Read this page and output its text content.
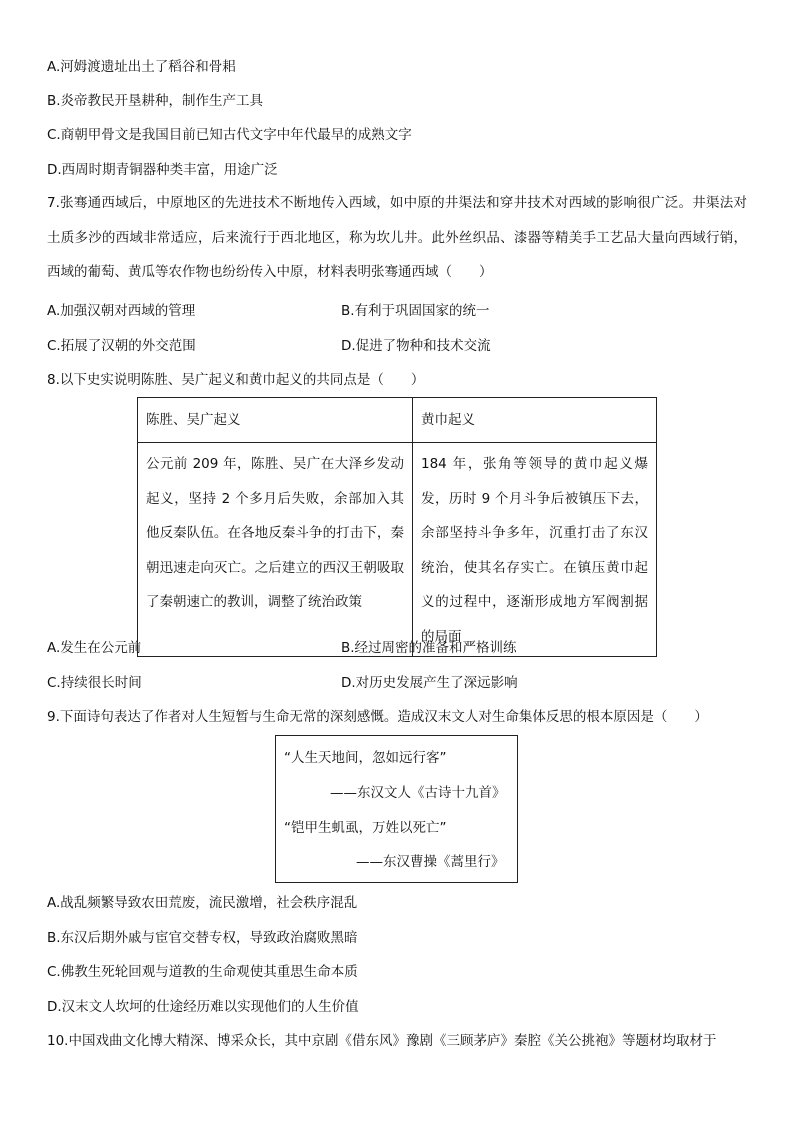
A.河姆渡遗址出土了稻谷和骨耜
B.炎帝教民开垦耕种，制作生产工具
C.商朝甲骨文是我国目前已知古代文字中年代最早的成熟文字
D.西周时期青铜器种类丰富，用途广泛
7.张骞通西域后，中原地区的先进技术不断地传入西域，如中原的井渠法和穿井技术对西域的影响很广泛。井渠法对土质多沙的西域非常适应，后来流行于西北地区，称为坎儿井。此外丝织品、漆器等精美手工艺品大量向西域行销，西域的葡萄、黄瓜等农作物也纷纷传入中原，材料表明张骞通西域（　　）
A.加强汉朝对西域的管理	B.有利于巩固国家的统一
C.拓展了汉朝的外交范围	D.促进了物种和技术交流
8.以下史实说明陈胜、吴广起义和黄巾起义的共同点是（　　）
陈胜、吴广起义	黄巾起义
公元前 209 年，陈胜、吴广在大泽乡发动起义，坚持 2 个多月后失败，余部加入其他反秦队伍。在各地反秦斗争的打击下，秦朝迅速走向灭亡。之后建立的西汉王朝吸取了秦朝速亡的教训，调整了统治政策	184 年，张角等领导的黄巾起义爆发，历时 9 个月斗争后被镇压下去，余部坚持斗争多年，沉重打击了东汉统治，使其名存实亡。在镇压黄巾起义的过程中，逐渐形成地方军阀割据的局面
A.发生在公元前	B.经过周密的准备和严格训练
C.持续很长时间	D.对历史发展产生了深远影响
9.下面诗句表达了作者对人生短暂与生命无常的深刻感慨。造成汉末文人对生命集体反思的根本原因是（　　）
“人生天地间，忽如远行客”
——东汉文人《古诗十九首》
“铠甲生虮虱，万姓以死亡”
——东汉曹操《蒿里行》
A.战乱频繁导致农田荒废，流民激增，社会秩序混乱
B.东汉后期外戚与宦官交替专权，导致政治腐败黑暗
C.佛教生死轮回观与道教的生命观使其重思生命本质
D.汉末文人坎坷的仕途经历难以实现他们的人生价值
10.中国戏曲文化博大精深、博采众长，其中京剧《借东风》豫剧《三顾茅庐》秦腔《关公挑袍》等题材均取材于
